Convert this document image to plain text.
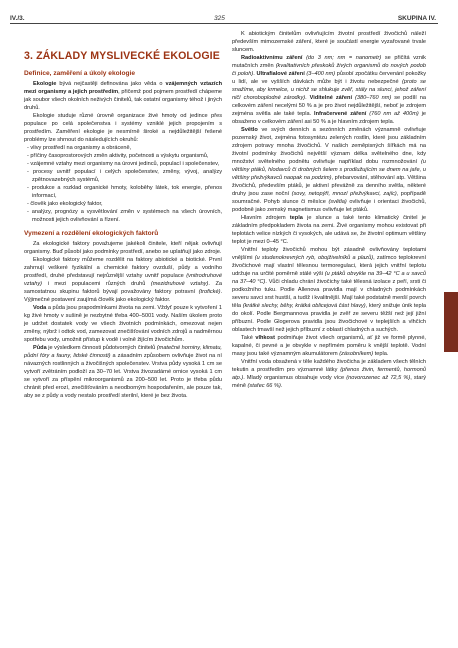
IV./3.	325	SKUPINA IV.
3. ZÁKLADY MYSLIVECKÉ EKOLOGIE
Definice, zaměření a úkoly ekologie

Ekologie bývá nejčastěji definována jako věda o vzájemných vztazích mezi organismy a jejich prostředím, přičemž pod pojmem prostředí chápeme jak soubor všech okolních neživých činitelů, tak ostatní organismy téhož i jiných druhů.

Ekologie studuje různé úrovně organizace živé hmoty od jedince přes populace po celá společenstva i systémy vzniklé jejich propojením s prostředím. Zaměření ekologie je nesmírně široké a nejdůležitější řešené problémy lze shrnout do následujících okruhů:

- vlivy prostředí na organismy a obráceně,
- příčiny časoprostorových změn aktivity, početnosti a výskytu organismů,
- vzájemné vztahy mezi organismy na úrovni jedinců, populací i společenstev,
- procesy uvnitř populací i celých společenstev, změny, vývoj, analýzy zpětnovazebných systémů,
- produkce a rozklad organické hmoty, koloběhy látek, tok energie, přenos informací,
- člověk jako ekologický faktor,
- analýzy, prognózy a vysvětlování změn v systémech na všech úrovních, možnosti jejich ovlivňování a řízení.
Vymezení a rozdělení ekologických faktorů

Za ekologické faktory považujeme jakékoli činitele, kteří nějak ovlivňují organismy. Buď působí jako podmínky prostředí, anebo se uplatňují jako zdroje.

Ekologické faktory můžeme rozdělit na faktory abiotické a biotické. První zahrnují veškeré fyzikální a chemické faktory ovzduší, půdy a vodního prostředí, druhé představují nejrůznější vztahy uvnitř populace (vnitrodruhové vztahy) i mezi populacemi různých druhů (mezidruhové vztahy). Za samostatnou skupinu faktorů bývají považovány faktory potravní (trofické). Výjimečné postavení zaujímá člověk jako ekologický faktor.

Voda a půda jsou prapodmínkami života na zemi. Vždyť pouze k vytvoření 1 kg živé hmoty v sušině je nezbytné třeba 400–5001 vody. Naším úkolem proto je udržet dostatek vody ve všech životních podmínkách, omezovat nejen změny, nýbrž i odtok vod, zamezovat znečišťování vodních zdrojů a nadměrnou spotřebu vody, umožnit přístup k vodě i volně žijícím živočichům.

Půda je výsledkem činnosti půdotvorných činitelů (matečné horniny, klimatu, půdní fóry a fauny, lidské činnosti) a zásadním způsobem ovlivňuje život na ní návazných rostlinných a živočišných společenstev. Vrstva půdy vysoká 1 cm se vytvoří zvětráním podloží za 30–70 let. Vrstva živozadárné ornice vysoká 1 cm se vytvoří za příspění mikroorganismů za 200–500 let. Proto je třeba půdu chránit před erozí, znečišťováním a neodborným hospodařením, ale pouze tak, aby se z půdy a vody nestalo prostředí sterilní, které je bez života.

K abiotickým činitelům ovlivňujícím životní prostředí živočichů náleží především mimozemské záření, které je součástí energie vyzařované trvale sluncem.

Radioaktivnímu záření (do 3 nm; nm = nanometr) se přičítá vznik mutačních změn (kvalitativních přeskoků živých organismů do nových podob či poloh). Ultrafialové záření (3–400 nm) působí zpočátku červenání pokožky u lidí, ale ve vyšších dávkách může být i životu nebezpečné (proto se snažíme, aby krmelce, u nichž se shlukuje zvěř, stály na slunci, jehož záření ničí choroboplodné zárodky). Viditelné záření (380–760 nm) se podílí na celkovém záření necelými 50 % a je pro život nejdůležitější, neboť je zdrojem zejména světla ale také tepla. Infračervené záření (760 nm až 400m) je obsaženo v celkovém záření asi 50 % a je hlavním zdrojem tepla.

Světlo ve svých denních a sezónních změnách významně ovlivňuje pozemský život, zejména fotosyntézu zelených rostlin, které jsou základním zdrojem potravy mnoha živočichů. V našich zeměpisných šířkách má na životní podmínky živočichů největší význam délka světelného dne, kdy množství světelného podnětu ovlivňuje například dobu rozmnožování (u většiny ptáků, hlodavců či drobných šelem s prodlužujícím se dnem na jaře, u většiny přežvýkavců naopak na podzim), přebarvování, stěhování atp. Většina živočichů, především ptáků, je aktivní převážně za denního světla, některé druhy jsou zase noční (sovy, netopýři, mnozí přežvýkavci, zajíc), popřípadě soumračné. Pohyb slunce či měsíce (světla) ovlivňuje i orientaci živočichů, podobně jako zemský magnetismus ovlivňuje let ptáků.

Hlavním zdrojem tepla je slunce a také tento klimatický činitel je základním předpokladem života na zemi. Živé organismy mohou existovat při teplotách velice nízkých či vysokých, ale udává se, že životní optimum většiny teplot je mezi 0–45 °C.

Vnitřní teploty živočichů mohou být zásadně ovlivňovány teplotami vnějšími (u studenokrevných ryb, obojživelníků a plazů), zatímco teplokrevní živočichové mají vlastní tělesnou termoregulaci, která jejich vnitřní teplotu udržuje na určité poměrně stálé výši (u ptáků obvykle na 39–42 °C a u savců na 37–40 °C). Vůči chladu chrání živočichy také tělesná izolace z peří, srsti či podkožního tuku. Podle Allenova pravidla mají v chladných podmínkách severu savci srst hustší, a tudíž i kvalitnější. Mají také podstatně menší povrch těla (krátké slechy, běhy, krátká oblicejová část hlavy), který snižuje únik tepla do okolí. Podle Bergmannova pravidla je zvěř ze severu těžší než její jižní příbuzní. Podle Glogerova pravidla jsou živočichové v teplejších a vlhčích oblastech tmavší než jejich příbuzní z oblastí chladných a suchých.

Také vlhkost podmiňuje život všech organismů, ať již ve formě plynné, kapalné, či pevné a je obvykle v nepřímém poměru k vnější teplotě. Vodní masy jsou také významným akumulátorem (zásobníkem) tepla.

Vnitřní voda obsažená v těle každého živočicha je základem všech tělních tekutin a prostředím pro významné látky (přenos živin, fermentů, hormonů atp.). Mladý organismus obsahuje vody více (novorozenec až 72,5 %), starý méně (stařec 66 %).
